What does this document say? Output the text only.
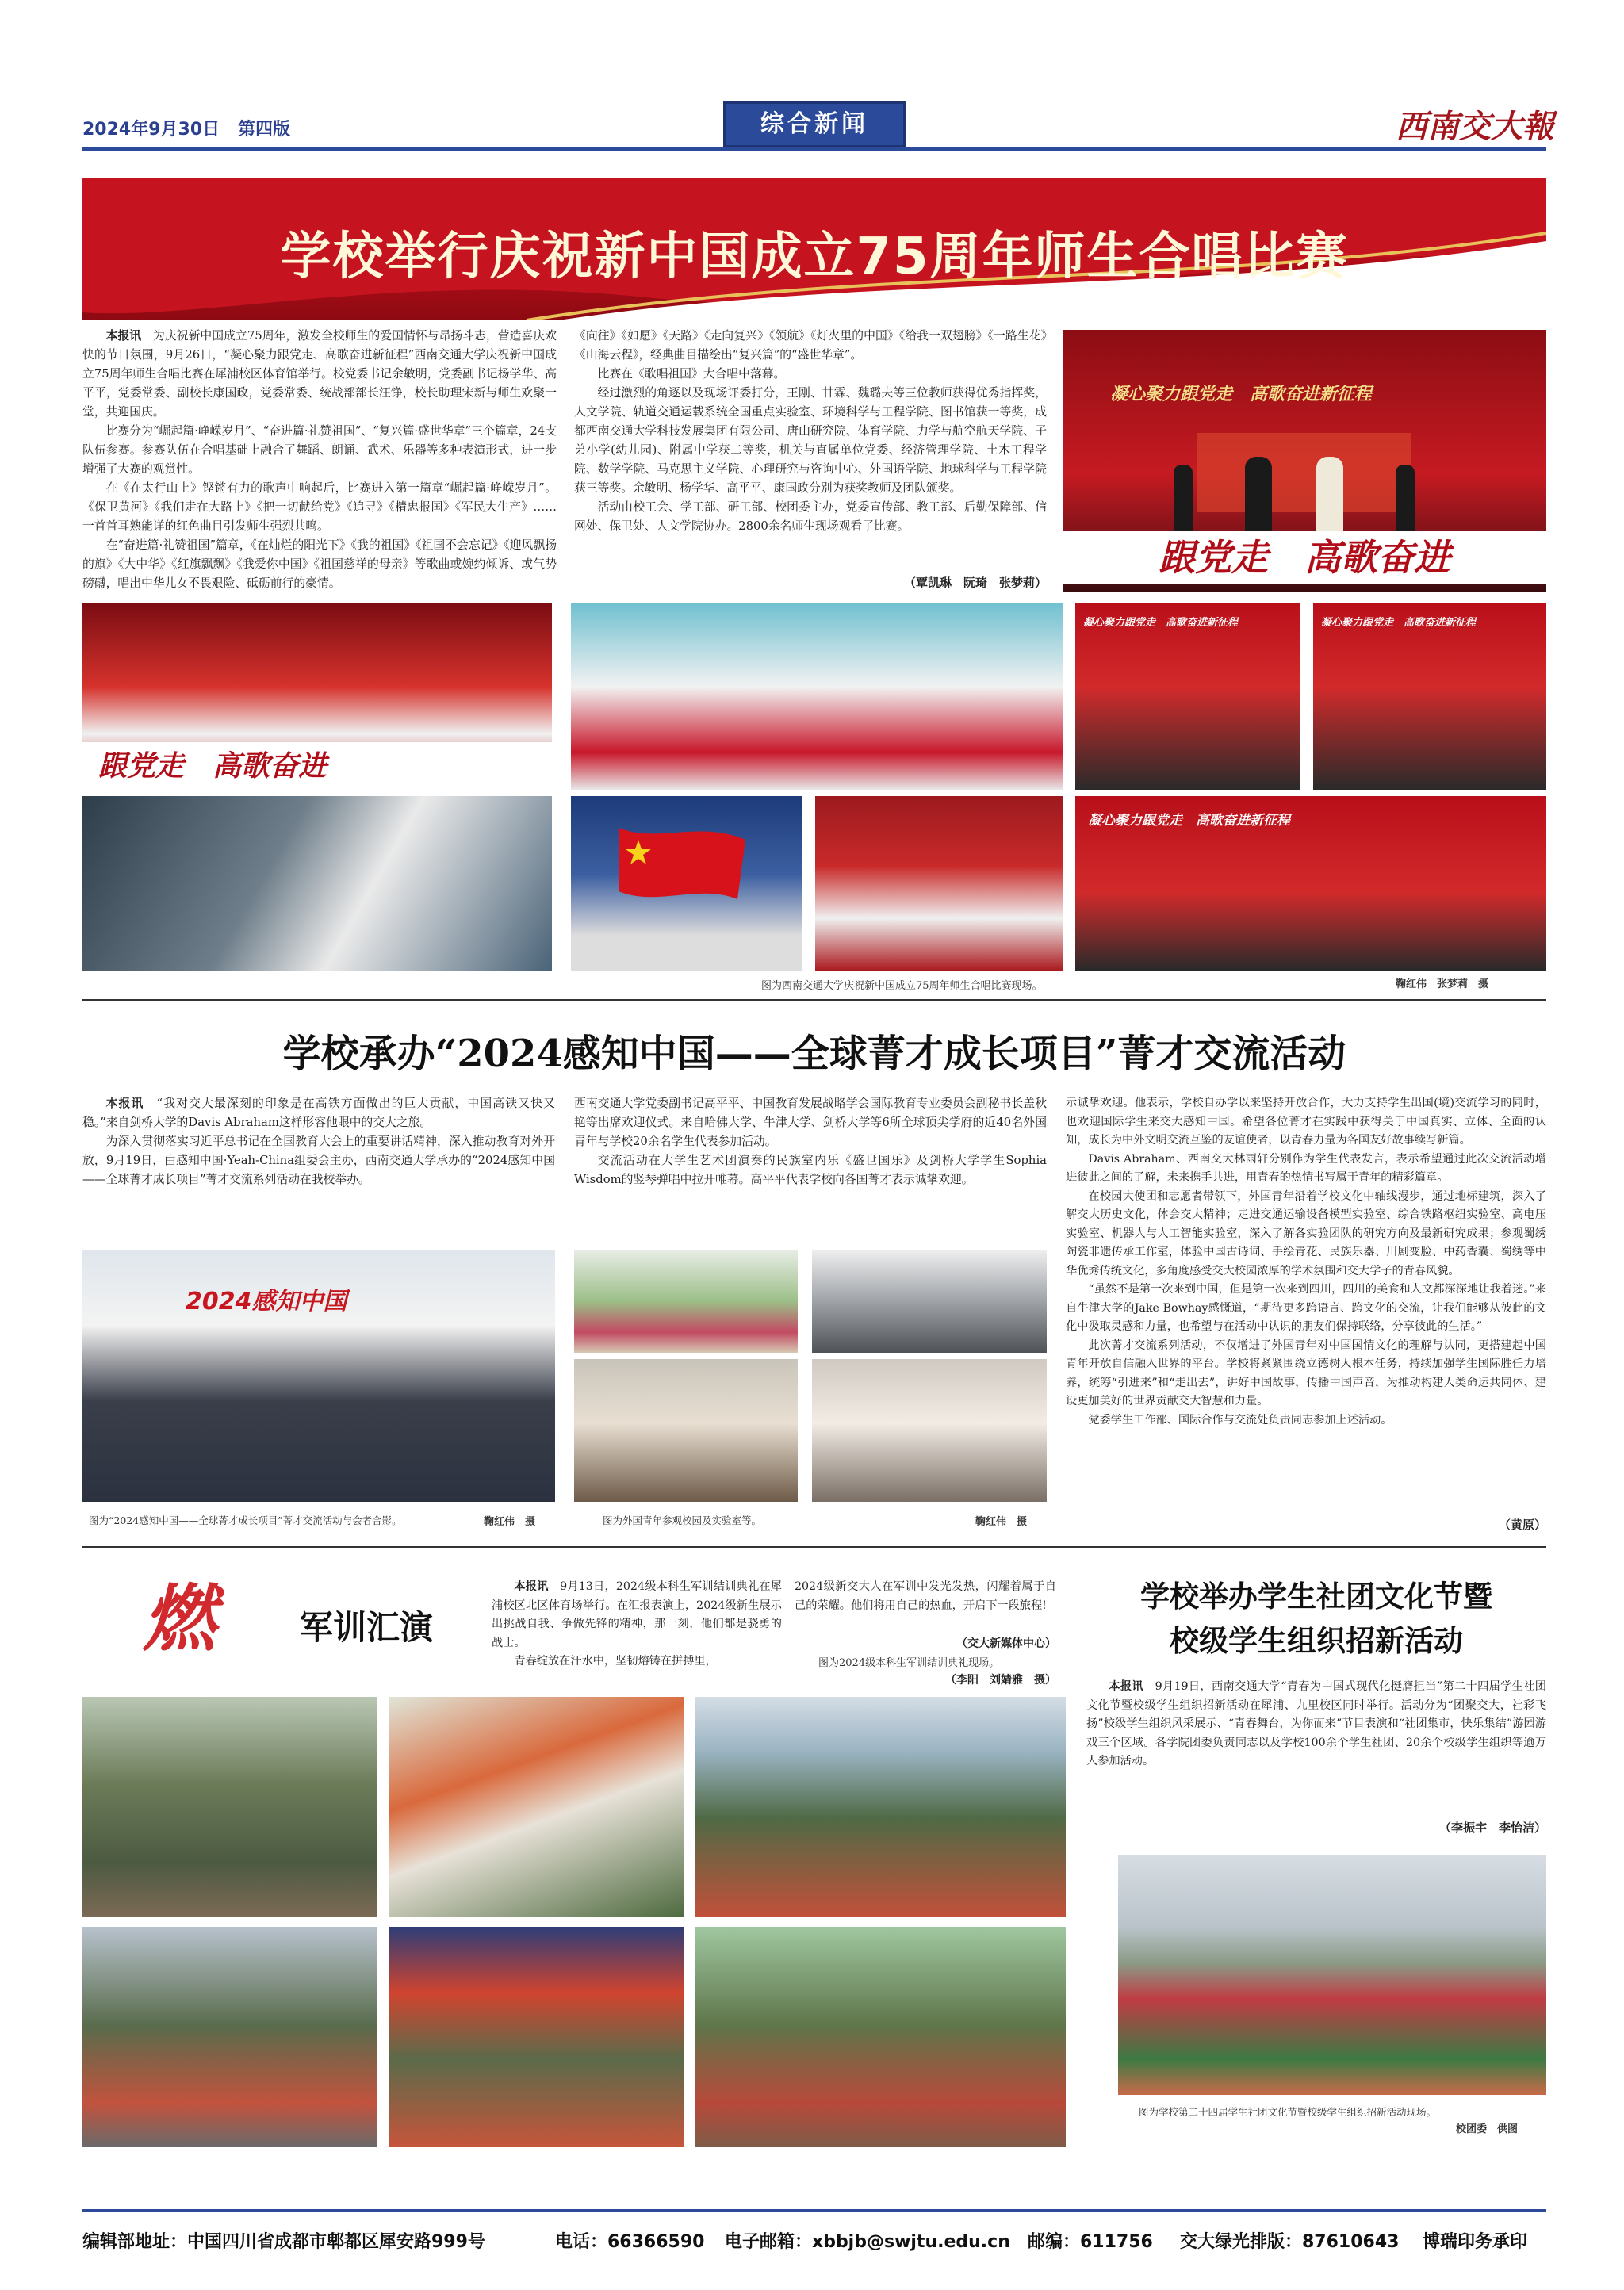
2024年9月30日 第四版	综合新闻	西南交大報
学校举行庆祝新中国成立75周年师生合唱比赛

本报讯　 为庆祝新中国成立75周年，激发全校师生的爱国情怀与昂扬斗志，营造喜庆欢快的节日氛围，9月26日，“凝心聚力跟党走、高歌奋进新征程”西南交通大学庆祝新中国成立75周年师生合唱比赛在犀浦校区体育馆举行。校党委书记余敏明，党委副书记杨学华、高平平，党委常委、副校长康国政，党委常委、统战部部长汪铮，校长助理宋新与师生欢聚一堂，共迎国庆。

比赛分为“崛起篇·峥嵘岁月”、“奋进篇·礼赞祖国”、“复兴篇·盛世华章”三个篇章，24支队伍参赛。参赛队伍在合唱基础上融合了舞蹈、朗诵、武术、乐器等多种表演形式，进一步增强了大赛的观赏性。

在《在太行山上》铿锵有力的歌声中响起后，比赛进入第一篇章“崛起篇·峥嵘岁月”。《保卫黄河》《我们走在大路上》《把一切献给党》《追寻》《精忠报国》《军民大生产》……一首首耳熟能详的红色曲目引发师生强烈共鸣。

在“奋进篇·礼赞祖国”篇章，《在灿烂的阳光下》《我的祖国》《祖国不会忘记》《迎风飘扬的旗》《大中华》《红旗飘飘》《我爱你中国》《祖国慈祥的母亲》等歌曲或婉约倾诉、或气势磅礴，唱出中华儿女不畏艰险、砥砺前行的豪情。

《向往》《如愿》《天路》《走向复兴》《领航》《灯火里的中国》《给我一双翅膀》《一路生花》《山海云程》，经典曲目描绘出“复兴篇”的“盛世华章”。

比赛在《歌唱祖国》大合唱中落幕。

经过激烈的角逐以及现场评委打分，王刚、甘霖、魏璐夫等三位教师获得优秀指挥奖，人文学院、轨道交通运载系统全国重点实验室、环境科学与工程学院、图书馆获一等奖，成都西南交通大学科技发展集团有限公司、唐山研究院、体育学院、力学与航空航天学院、子弟小学(幼儿园)、附属中学获二等奖，机关与直属单位党委、经济管理学院、土木工程学院、数学学院、马克思主义学院、心理研究与咨询中心、外国语学院、地球科学与工程学院获三等奖。余敏明、杨学华、高平平、康国政分别为获奖教师及团队颁奖。

活动由校工会、学工部、研工部、校团委主办，党委宣传部、教工部、后勤保障部、信网处、保卫处、人文学院协办。2800余名师生现场观看了比赛。

（覃凯琳　阮琦　张梦莉）
凝心聚力跟党走　高歌奋进新征程
跟党走　高歌奋进
跟党走　高歌奋进
凝心聚力跟党走　高歌奋进新征程	凝心聚力跟党走　高歌奋进新征程
凝心聚力跟党走　高歌奋进新征程
图为西南交通大学庆祝新中国成立75周年师生合唱比赛现场。	鞠红伟　张梦莉　摄
学校承办“2024感知中国——全球菁才成长项目”菁才交流活动

本报讯　 “我对交大最深刻的印象是在高铁方面做出的巨大贡献，中国高铁又快又稳。”来自剑桥大学的Davis Abraham这样形容他眼中的交大之旅。

为深入贯彻落实习近平总书记在全国教育大会上的重要讲话精神，深入推动教育对外开放，9月19日，由感知中国·Yeah-China组委会主办，西南交通大学承办的“2024感知中国——全球菁才成长项目”菁才交流系列活动在我校举办。

西南交通大学党委副书记高平平、中国教育发展战略学会国际教育专业委员会副秘书长盖秋艳等出席欢迎仪式。来自哈佛大学、牛津大学、剑桥大学等6所全球顶尖学府的近40名外国青年与学校20余名学生代表参加活动。

交流活动在大学生艺术团演奏的民族室内乐《盛世国乐》及剑桥大学学生Sophia Wisdom的竖琴弹唱中拉开帷幕。高平平代表学校向各国菁才表示诚挚欢迎。

示诚挚欢迎。他表示，学校自办学以来坚持开放合作，大力支持学生出国(境)交流学习的同时，也欢迎国际学生来交大感知中国。希望各位菁才在实践中获得关于中国真实、立体、全面的认知，成长为中外文明交流互鉴的友谊使者，以青春力量为各国友好故事续写新篇。

Davis Abraham、西南交大林雨轩分别作为学生代表发言，表示希望通过此次交流活动增进彼此之间的了解，未来携手共进，用青春的热情书写属于青年的精彩篇章。

在校园大使团和志愿者带领下，外国青年沿着学校文化中轴线漫步，通过地标建筑，深入了解交大历史文化，体会交大精神；走进交通运输设备模型实验室、综合铁路枢纽实验室、高电压实验室、机器人与人工智能实验室，深入了解各实验团队的研究方向及最新研究成果；参观蜀绣陶瓷非遗传承工作室，体验中国古诗词、手绘青花、民族乐器、川剧变脸、中药香囊、蜀绣等中华优秀传统文化，多角度感受交大校园浓厚的学术氛围和交大学子的青春风貌。

“虽然不是第一次来到中国，但是第一次来到四川，四川的美食和人文都深深地让我着迷。”来自牛津大学的Jake Bowhay感慨道，“期待更多跨语言、跨文化的交流，让我们能够从彼此的文化中汲取灵感和力量，也希望与在活动中认识的朋友们保持联络，分享彼此的生活。”

此次菁才交流系列活动，不仅增进了外国青年对中国国情文化的理解与认同，更搭建起中国青年开放自信融入世界的平台。学校将紧紧围绕立德树人根本任务，持续加强学生国际胜任力培养，统筹“引进来”和“走出去”，讲好中国故事，传播中国声音，为推动构建人类命运共同体、建设更加美好的世界贡献交大智慧和力量。

党委学生工作部、国际合作与交流处负责同志参加上述活动。

（黄原）
2024感知中国
图为“2024感知中国——全球菁才成长项目”菁才交流活动与会者合影。	鞠红伟　摄	图为外国青年参观校园及实验室等。	鞠红伟　摄
燃	军训汇演

本报讯　 9月13日，2024级本科生军训结训典礼在犀浦校区北区体育场举行。在汇报表演上，2024级新生展示出挑战自我、争做先锋的精神，那一刻，他们都是骁勇的战士。

青春绽放在汗水中，坚韧熔铸在拼搏里，

2024级新交大人在军训中发光发热，闪耀着属于自己的荣耀。他们将用自己的热血，开启下一段旅程!

（交大新媒体中心）
图为2024级本科生军训结训典礼现场。
（李阳　刘婧雅　摄）
学校举办学生社团文化节暨
校级学生组织招新活动

本报讯　 9月19日，西南交通大学“青春为中国式现代化挺膺担当”第二十四届学生社团文化节暨校级学生组织招新活动在犀浦、九里校区同时举行。活动分为“团聚交大，社彩飞扬”校级学生组织风采展示、“青春舞台，为你而来”节目表演和“社团集市，快乐集结”游园游戏三个区域。各学院团委负责同志以及学校100余个学生社团、20余个校级学生组织等逾万人参加活动。

（李振宇　李怡洁）
图为学校第二十四届学生社团文化节暨校级学生组织招新活动现场。
校团委　供图
编辑部地址：中国四川省成都市郫都区犀安路999号	电话：66366590 电子邮箱：xbbjb@swjtu.edu.cn 邮编：611756 交大绿光排版：87610643 博瑞印务承印
